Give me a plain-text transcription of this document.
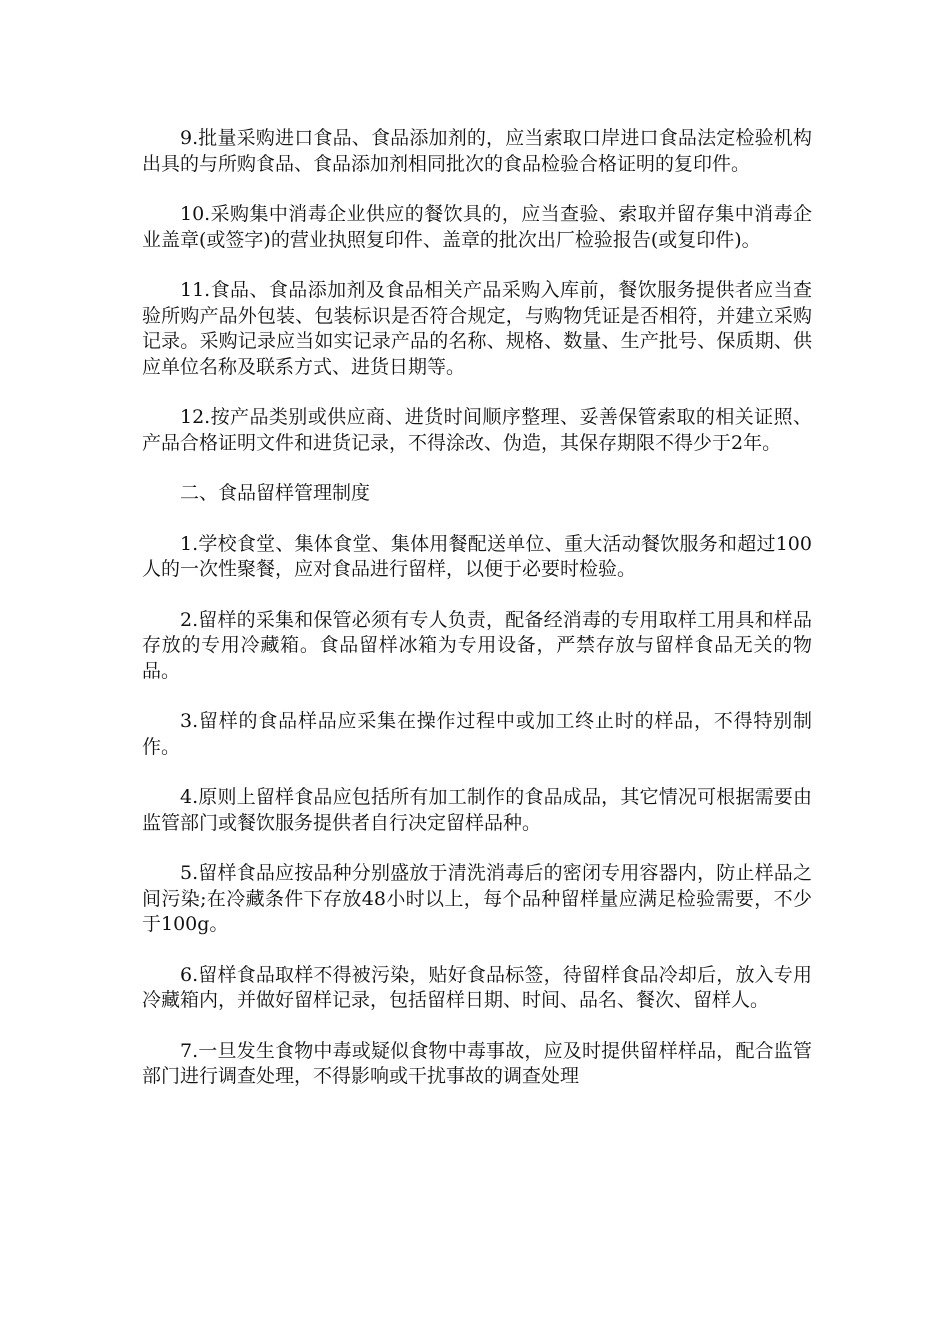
9.批量采购进口食品、食品添加剂的，应当索取口岸进口食品法定检验机构出具的与所购食品、食品添加剂相同批次的食品检验合格证明的复印件。

10.采购集中消毒企业供应的餐饮具的，应当查验、索取并留存集中消毒企业盖章(或签字)的营业执照复印件、盖章的批次出厂检验报告(或复印件)。

11.食品、食品添加剂及食品相关产品采购入库前，餐饮服务提供者应当查验所购产品外包装、包装标识是否符合规定，与购物凭证是否相符，并建立采购记录。采购记录应当如实记录产品的名称、规格、数量、生产批号、保质期、供应单位名称及联系方式、进货日期等。

12.按产品类别或供应商、进货时间顺序整理、妥善保管索取的相关证照、产品合格证明文件和进货记录，不得涂改、伪造，其保存期限不得少于2年。

二、食品留样管理制度

1.学校食堂、集体食堂、集体用餐配送单位、重大活动餐饮服务和超过100人的一次性聚餐，应对食品进行留样，以便于必要时检验。

2.留样的采集和保管必须有专人负责，配备经消毒的专用取样工用具和样品存放的专用冷藏箱。食品留样冰箱为专用设备，严禁存放与留样食品无关的物品。

3.留样的食品样品应采集在操作过程中或加工终止时的样品，不得特别制作。

4.原则上留样食品应包括所有加工制作的食品成品，其它情况可根据需要由监管部门或餐饮服务提供者自行决定留样品种。

5.留样食品应按品种分别盛放于清洗消毒后的密闭专用容器内，防止样品之间污染;在冷藏条件下存放48小时以上，每个品种留样量应满足检验需要，不少于100g。

6.留样食品取样不得被污染，贴好食品标签，待留样食品冷却后，放入专用冷藏箱内，并做好留样记录，包括留样日期、时间、品名、餐次、留样人。

7.一旦发生食物中毒或疑似食物中毒事故，应及时提供留样样品，配合监管部门进行调查处理，不得影响或干扰事故的调查处理
